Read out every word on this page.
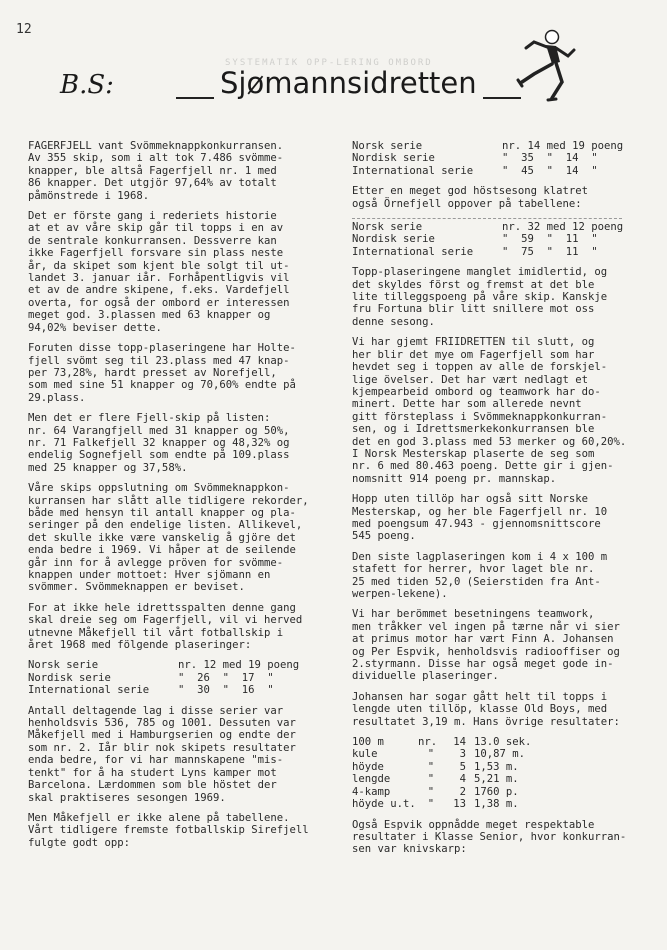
12
SYSTEMATIK OPP-LERING OMBORD
B.S:	Sjømannsidretten
FAGERFJELL vant Svömmeknappkonkurransen.
Av 355 skip, som i alt tok 7.486 svömme-
knapper, ble altså Fagerfjell nr. 1 med
86 knapper. Det utgjör 97,64% av totalt
påmönstrede i 1968.
Det er förste gang i rederiets historie
at et av våre skip går til topps i en av
de sentrale konkurransen. Dessverre kan
ikke Fagerfjell forsvare sin plass neste
år, da skipet som kjent ble solgt til ut-
landet 3. januar iår. Forhåpentligvis vil
et av de andre skipene, f.eks. Vardefjell
overta, for også der ombord er interessen
meget god. 3.plassen med 63 knapper og
94,02% beviser dette.
Foruten disse topp-plaseringene har Holte-
fjell svömt seg til 23.plass med 47 knap-
per 73,28%, hardt presset av Norefjell,
som med sine 51 knapper og 70,60% endte på
29.plass.
Men det er flere Fjell-skip på listen:
nr. 64 Varangfjell med 31 knapper og 50%,
nr. 71 Falkefjell 32 knapper og 48,32% og
endelig Sognefjell som endte på 109.plass
med 25 knapper og 37,58%.
Våre skips oppslutning om Svömmeknappkon-
kurransen har slått alle tidligere rekorder,
både med hensyn til antall knapper og pla-
seringer på den endelige listen. Allikevel,
det skulle ikke være vanskelig å gjöre det
enda bedre i 1969. Vi håper at de seilende
går inn for å avlegge pröven for svömme-
knappen under mottoet: Hver sjömann en
svömmer. Svömmeknappen er beviset.
For at ikke hele idrettsspalten denne gang
skal dreie seg om Fagerfjell, vil vi herved
utnevne Måkefjell til vårt fotballskip i
året 1968 med fölgende plaseringer:
Norsk serie	nr. 12 med 19 poeng
Nordisk serie	"  26  "  17  "
International serie	"  30  "  16  "
Antall deltagende lag i disse serier var
henholdsvis 536, 785 og 1001. Dessuten var
Måkefjell med i Hamburgserien og endte der
som nr. 2. Iår blir nok skipets resultater
enda bedre, for vi har mannskapene "mis-
tenkt" for å ha studert Lyns kamper mot
Barcelona. Lærdommen som ble höstet der
skal praktiseres sesongen 1969.
Men Måkefjell er ikke alene på tabellene.
Vårt tidligere fremste fotballskip Sirefjell
fulgte godt opp:
Norsk serie	nr. 14 med 19 poeng
Nordisk serie	"  35  "  14  "
International serie	"  45  "  14  "
Etter en meget god höstsesong klatret
også Örnefjell oppover på tabellene:
Norsk serie	nr. 32 med 12 poeng
Nordisk serie	"  59  "  11  "
International serie	"  75  "  11  "
Topp-plaseringene manglet imidlertid, og
det skyldes först og fremst at det ble
lite tilleggspoeng på våre skip. Kanskje
fru Fortuna blir litt snillere mot oss
denne sesong.
Vi har gjemt FRIIDRETTEN til slutt, og
her blir det mye om Fagerfjell som har
hevdet seg i toppen av alle de forskjel-
lige övelser. Det har vært nedlagt et
kjempearbeid ombord og teamwork har do-
minert. Dette har som allerede nevnt
gitt försteplass i Svömmeknappkonkurran-
sen, og i Idrettsmerkekonkurransen ble
det en god 3.plass med 53 merker og 60,20%.
I Norsk Mesterskap plaserte de seg som
nr. 6 med 80.463 poeng. Dette gir i gjen-
nomsnitt 914 poeng pr. mannskap.
Hopp uten tillöp har også sitt Norske
Mesterskap, og her ble Fagerfjell nr. 10
med poengsum 47.943 - gjennomsnittscore
545 poeng.
Den siste lagplaseringen kom i 4 x 100 m
stafett for herrer, hvor laget ble nr.
25 med tiden 52,0 (Seierstiden fra Ant-
werpen-lekene).
Vi har berömmet besetningens teamwork,
men tråkker vel ingen på tærne når vi sier
at primus motor har vært Finn A. Johansen
og Per Espvik, henholdsvis radiooffiser og
2.styrmann. Disse har også meget gode in-
dividuelle plaseringer.
Johansen har sogar gått helt til topps i
lengde uten tillöp, klasse Old Boys, med
resultatet 3,19 m. Hans övrige resultater:
100 m	nr.	14	13.0 sek.
kule	"	3	10,87 m.
höyde	"	5	1,53 m.
lengde	"	4	5,21 m.
4-kamp	"	2	1760 p.
höyde u.t.	"	13	1,38 m.
Også Espvik oppnådde meget respektable
resultater i Klasse Senior, hvor konkurran-
sen var knivskarp:
